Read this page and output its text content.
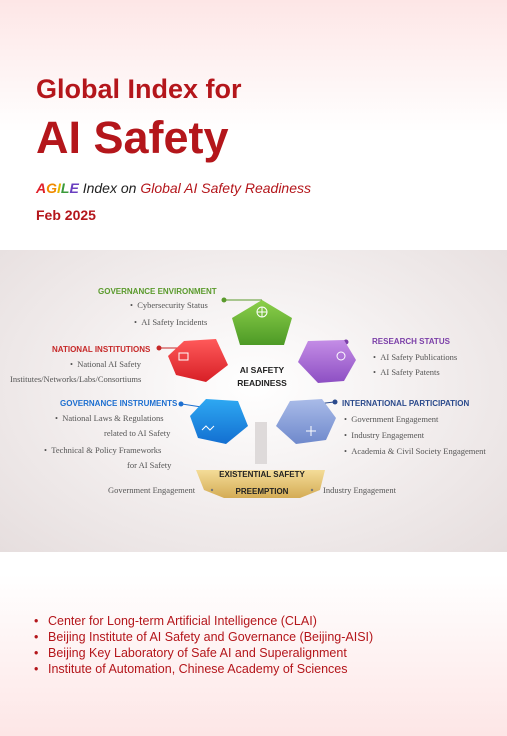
Global Index for
AI Safety
AGILE Index on Global AI Safety Readiness
Feb 2025
GOVERNANCE ENVIRONMENT
• Cybersecurity Status
• AI Safety Incidents
NATIONAL INSTITUTIONS
• National AI Safety
Institutes/Networks/Labs/Consortiums
RESEARCH STATUS
• AI Safety Publications
• AI Safety Patents
GOVERNANCE INSTRUMENTS
• National Laws & Regulations
related to AI Safety
• Technical & Policy Frameworks
for AI Safety
INTERNATIONAL PARTICIPATION
• Government Engagement
• Industry Engagement
• Academia & Civil Society Engagement
AI SAFETY
READINESS
EXISTENTIAL SAFETY
PREEMPTION
Government Engagement	Industry Engagement
• Center for Long-term Artificial Intelligence (CLAI)
• Beijing Institute of AI Safety and Governance (Beijing-AISI)
• Beijing Key Laboratory of Safe AI and Superalignment
• Institute of Automation, Chinese Academy of Sciences
